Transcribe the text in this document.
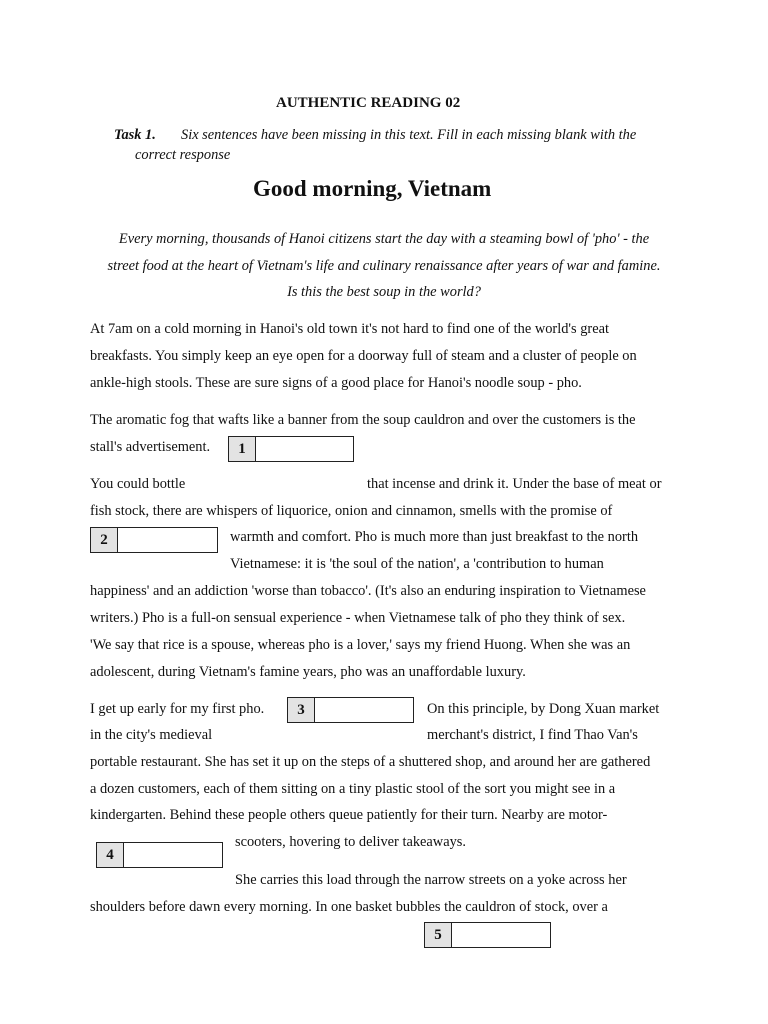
AUTHENTIC READING 02
Task 1. Six sentences have been missing in this text. Fill in each missing blank with the
correct response
Good morning, Vietnam
Every morning, thousands of Hanoi citizens start the day with a steaming bowl of 'pho' - the
street food at the heart of Vietnam's life and culinary renaissance after years of war and famine.
Is this the best soup in the world?
At 7am on a cold morning in Hanoi's old town it's not hard to find one of the world's great
breakfasts. You simply keep an eye open for a doorway full of steam and a cluster of people on
ankle-high stools. These are sure signs of a good place for Hanoi's noodle soup - pho.
The aromatic fog that wafts like a banner from the soup cauldron and over the customers is the
stall's advertisement.	1
You could bottle	that incense and drink it. Under the base of meat or
fish stock, there are whispers of liquorice, onion and cinnamon, smells with the promise of
2	warmth and comfort. Pho is much more than just breakfast to the north
Vietnamese: it is 'the soul of the nation', a 'contribution to human
happiness' and an addiction 'worse than tobacco'. (It's also an enduring inspiration to Vietnamese
writers.) Pho is a full-on sensual experience - when Vietnamese talk of pho they think of sex.
'We say that rice is a spouse, whereas pho is a lover,' says my friend Huong. When she was an
adolescent, during Vietnam's famine years, pho was an unaffordable luxury.
I get up early for my first pho.	3	On this principle, by Dong Xuan market
in the city's medieval	merchant's district, I find Thao Van's
portable restaurant. She has set it up on the steps of a shuttered shop, and around her are gathered
a dozen customers, each of them sitting on a tiny plastic stool of the sort you might see in a
kindergarten. Behind these people others queue patiently for their turn. Nearby are motor-
scooters, hovering to deliver takeaways.
4
She carries this load through the narrow streets on a yoke across her
shoulders before dawn every morning. In one basket bubbles the cauldron of stock, over a
5
